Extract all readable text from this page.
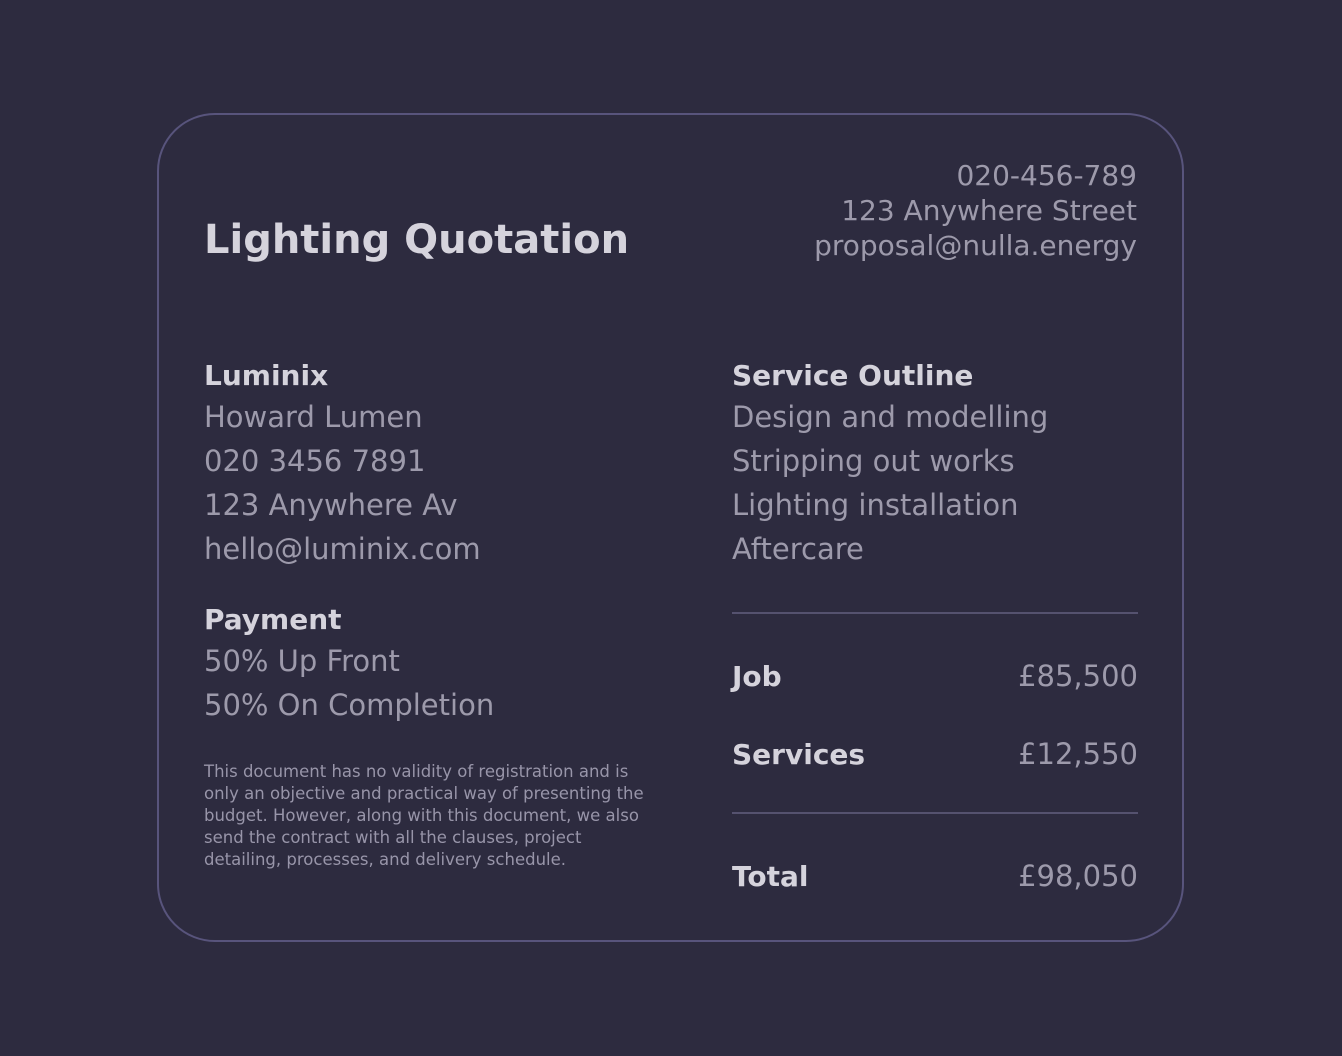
Lighting Quotation
020-456-789
123 Anywhere Street
proposal@nulla.energy
Luminix
Howard Lumen
020 3456 7891
123 Anywhere Av
hello@luminix.com
Payment
50% Up Front
50% On Completion
This document has no validity of registration and is only an objective and practical way of presenting the budget. However, along with this document, we also send the contract with all the clauses, project detailing, processes, and delivery schedule.
Service Outline
Design and modelling
Stripping out works
Lighting installation
Aftercare
Job	£85,500
Services	£12,550
Total	£98,050
